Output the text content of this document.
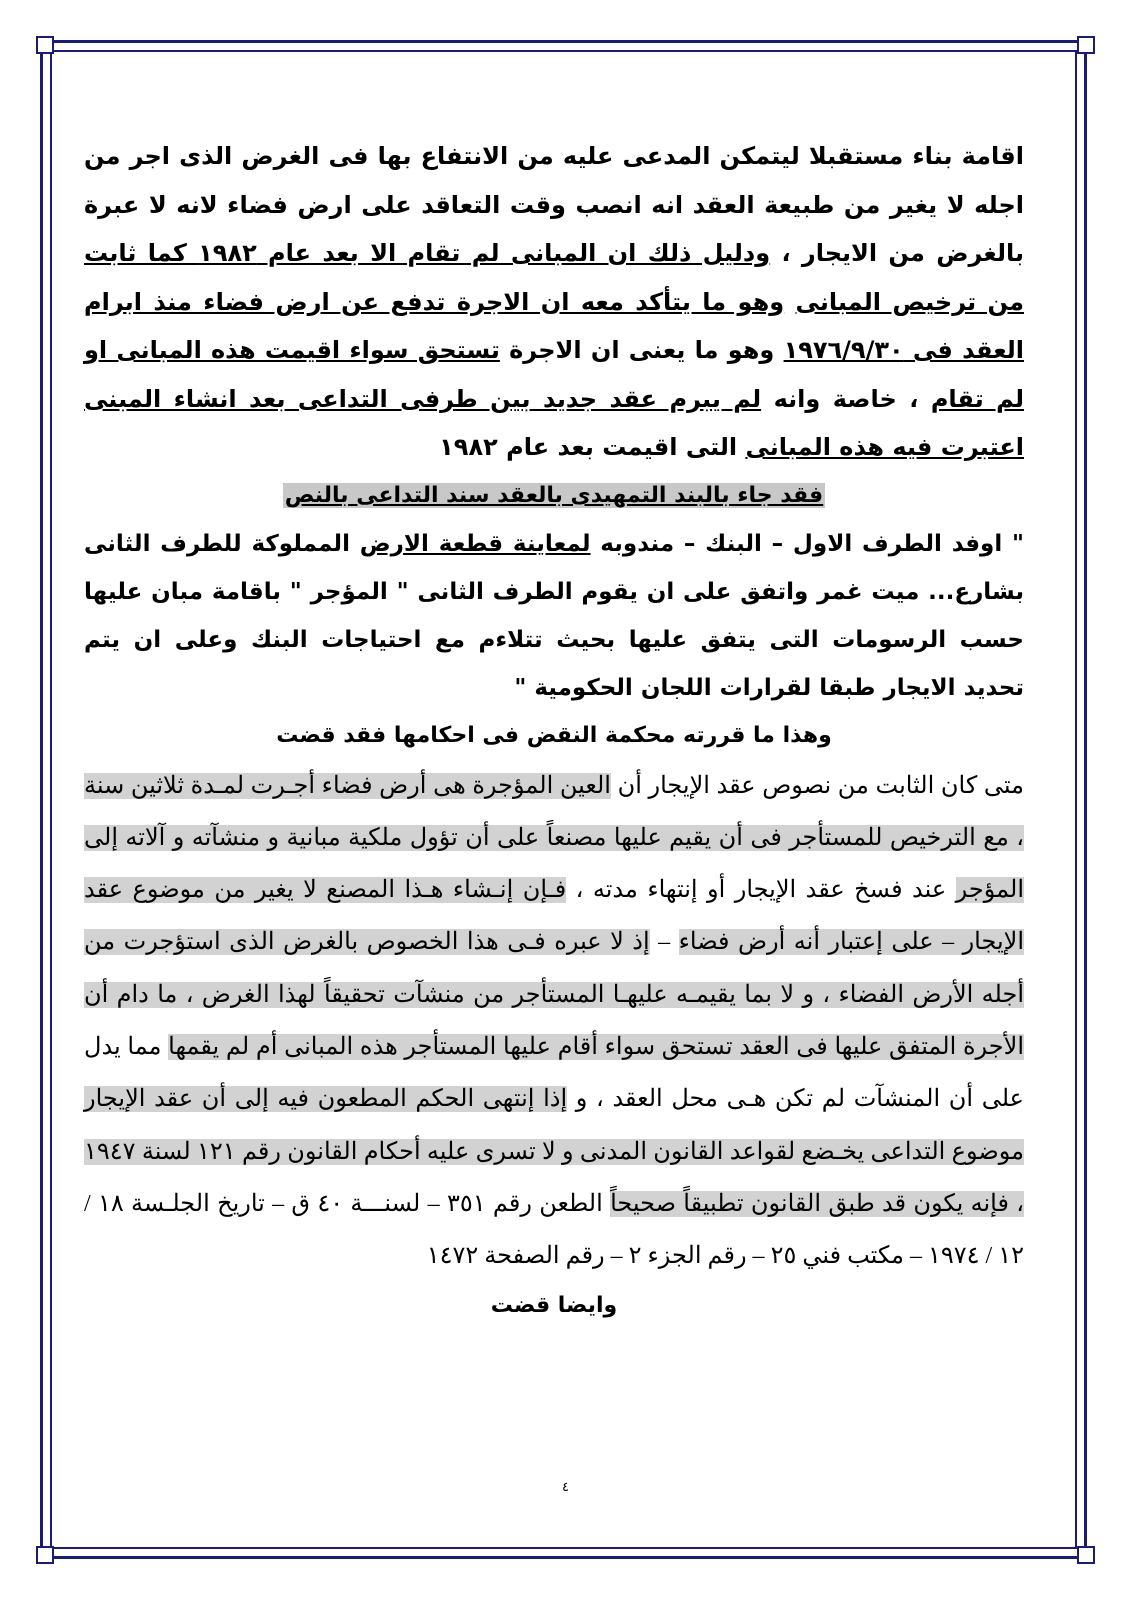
اقامة بناء مستقبلا ليتمكن المدعى عليه من الانتفاع بها فى الغرض الذى اجر من اجله لا يغير من طبيعة العقد انه انصب وقت التعاقد على ارض فضاء لانه لا عبرة بالغرض من الايجار ، ودليل ذلك ان المبانى لم تقام الا بعد عام ١٩٨٢ كما ثابت من ترخيص المبانى وهو ما يتأكد معه ان الاجرة تدفع عن ارض فضاء منذ ابرام العقد فى ١٩٧٦/٩/٣٠ وهو ما يعنى ان الاجرة تستحق سواء اقيمت هذه المبانى او لم تقام ، خاصة وانه لم يبرم عقد جديد بين طرفى التداعى بعد انشاء المبنى اعتبرت فيه هذه المبانى التى اقيمت بعد عام ١٩٨٢

فقد جاء بالبند التمهيدى بالعقد سند التداعى بالنص

" اوفد الطرف الاول – البنك – مندوبه لمعاينة قطعة الارض المملوكة للطرف الثانى بشارع... ميت غمر واتفق على ان يقوم الطرف الثانى " المؤجر " باقامة مبان عليها حسب الرسومات التى يتفق عليها بحيث تتلاءم مع احتياجات البنك وعلى ان يتم تحديد الايجار طبقا لقرارات اللجان الحكومية "

وهذا ما قررته محكمة النقض فى احكامها فقد قضت

متى كان الثابت من نصوص عقد الإيجار أن العين المؤجرة هى أرض فضاء أجـرت لمـدة ثلاثين سنة ، مع الترخيص للمستأجر فى أن يقيم عليها مصنعاً على أن تؤول ملكية مبانية و منشآته و آلاته إلى المؤجر عند فسخ عقد الإيجار أو إنتهاء مدته ، فـإن إنـشاء هـذا المصنع لا يغير من موضوع عقد الإيجار – على إعتبار أنه أرض فضاء – إذ لا عبره فـى هذا الخصوص بالغرض الذى استؤجرت من أجله الأرض الفضاء ، و لا بما يقيمـه عليهـا المستأجر من منشآت تحقيقاً لهذا الغرض ، ما دام أن الأجرة المتفق عليها فى العقد تستحق سواء أقام عليها المستأجر هذه المبانى أم لم يقمها مما يدل على أن المنشآت لم تكن هـى محل العقد ، و إذا إنتهى الحكم المطعون فيه إلى أن عقد الإيجار موضوع التداعى يخـضع لقواعد القانون المدنى و لا تسرى عليه أحكام القانون رقم ١٢١ لسنة ١٩٤٧ ، فإنه يكون قد طبق القانون تطبيقاً صحيحاً الطعن رقم ٣٥١ – لسنـــة ٤٠ ق – تاريخ الجلـسة ١٨ / ١٢ / ١٩٧٤ – مكتب فني ٢٥ – رقم الجزء ٢ – رقم الصفحة ١٤٧٢

وايضا قضت

٤
